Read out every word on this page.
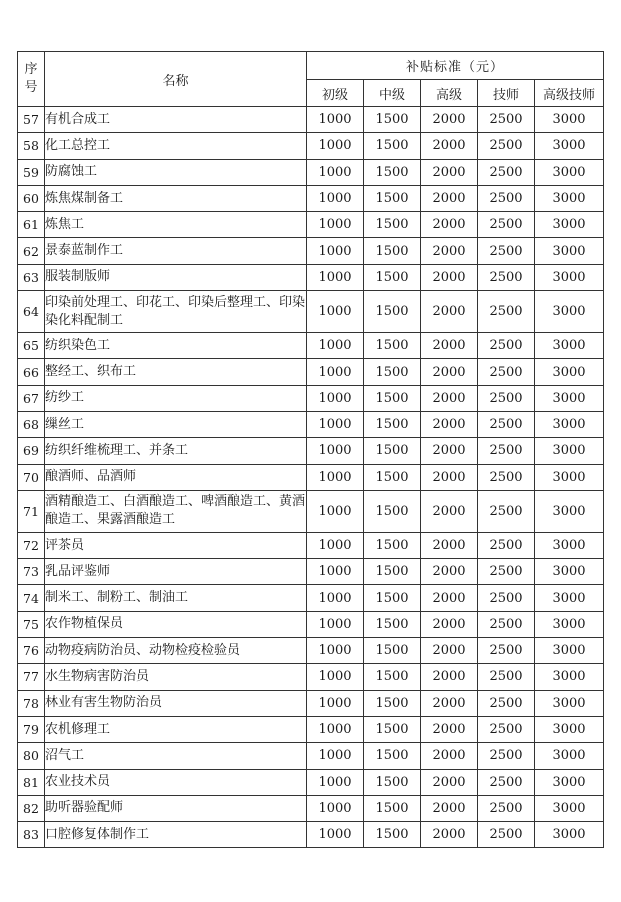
序
号	名称	补贴标准（元）				
		初级	中级	高级	技师	高级技师
57	有机合成工	1000	1500	2000	2500	3000
58	化工总控工	1000	1500	2000	2500	3000
59	防腐蚀工	1000	1500	2000	2500	3000
60	炼焦煤制备工	1000	1500	2000	2500	3000
61	炼焦工	1000	1500	2000	2500	3000
62	景泰蓝制作工	1000	1500	2000	2500	3000
63	服装制版师	1000	1500	2000	2500	3000
64	印染前处理工、印花工、印染后整理工、印染染化料配制工	1000	1500	2000	2500	3000
65	纺织染色工	1000	1500	2000	2500	3000
66	整经工、织布工	1000	1500	2000	2500	3000
67	纺纱工	1000	1500	2000	2500	3000
68	缫丝工	1000	1500	2000	2500	3000
69	纺织纤维梳理工、并条工	1000	1500	2000	2500	3000
70	酿酒师、品酒师	1000	1500	2000	2500	3000
71	酒精酿造工、白酒酿造工、啤酒酿造工、黄酒酿造工、果露酒酿造工	1000	1500	2000	2500	3000
72	评茶员	1000	1500	2000	2500	3000
73	乳品评鉴师	1000	1500	2000	2500	3000
74	制米工、制粉工、制油工	1000	1500	2000	2500	3000
75	农作物植保员	1000	1500	2000	2500	3000
76	动物疫病防治员、动物检疫检验员	1000	1500	2000	2500	3000
77	水生物病害防治员	1000	1500	2000	2500	3000
78	林业有害生物防治员	1000	1500	2000	2500	3000
79	农机修理工	1000	1500	2000	2500	3000
80	沼气工	1000	1500	2000	2500	3000
81	农业技术员	1000	1500	2000	2500	3000
82	助听器验配师	1000	1500	2000	2500	3000
83	口腔修复体制作工	1000	1500	2000	2500	3000
